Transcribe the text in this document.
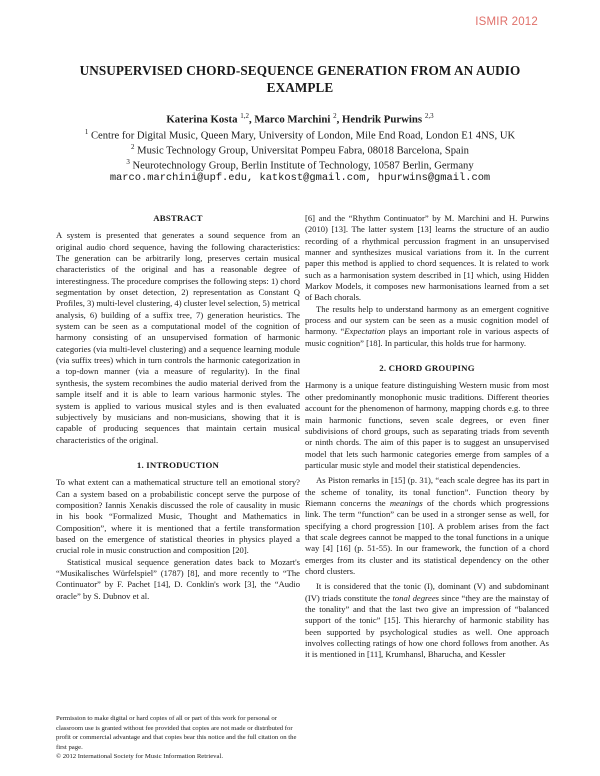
ISMIR 2012
UNSUPERVISED CHORD-SEQUENCE GENERATION FROM AN AUDIO
EXAMPLE
Katerina Kosta $^{1,2}$, Marco Marchini $^2$, Hendrik Purwins $^{2,3}$
$^1$ Centre for Digital Music, Queen Mary, University of London, Mile End Road, London E1 4NS, UK
$^2$ Music Technology Group, Universitat Pompeu Fabra, 08018 Barcelona, Spain
$^3$ Neurotechnology Group, Berlin Institute of Technology, 10587 Berlin, Germany
marco.marchini@upf.edu, katkost@gmail.com, hpurwins@gmail.com
ABSTRACT

A system is presented that generates a sound sequence from an original audio chord sequence, having the following characteristics: The generation can be arbitrarily long, preserves certain musical characteristics of the original and has a reasonable degree of interestingness. The procedure comprises the following steps: 1) chord segmentation by onset detection, 2) representation as Constant Q Profiles, 3) multi-level clustering, 4) cluster level selection, 5) metrical analysis, 6) building of a suffix tree, 7) generation heuristics. The system can be seen as a computational model of the cognition of harmony consisting of an unsupervised formation of harmonic categories (via multi-level clustering) and a sequence learning module (via suffix trees) which in turn controls the harmonic categorization in a top-down manner (via a measure of regularity). In the final synthesis, the system recombines the audio material derived from the sample itself and it is able to learn various harmonic styles. The system is applied to various musical styles and is then evaluated subjectively by musicians and non-musicians, showing that it is capable of producing sequences that maintain certain musical characteristics of the original.

1. INTRODUCTION

To what extent can a mathematical structure tell an emotional story? Can a system based on a probabilistic concept serve the purpose of composition? Iannis Xenakis discussed the role of causality in music in his book “Formalized Music, Thought and Mathematics in Composition”, where it is mentioned that a fertile transformation based on the emergence of statistical theories in physics played a crucial role in music construction and composition [20].

Statistical musical sequence generation dates back to Mozart's “Musikalisches Würfelspiel” (1787) [8], and more recently to “The Continuator” by F. Pachet [14], D. Conklin's work [3], the “Audio oracle” by S. Dubnov et al.

[6] and the “Rhythm Continuator” by M. Marchini and H. Purwins (2010) [13]. The latter system [13] learns the structure of an audio recording of a rhythmical percussion fragment in an unsupervised manner and synthesizes musical variations from it. In the current paper this method is applied to chord sequences. It is related to work such as a harmonisation system described in [1] which, using Hidden Markov Models, it composes new harmonisations learned from a set of Bach chorals.

The results help to understand harmony as an emergent cognitive process and our system can be seen as a music cognition model of harmony. “Expectation plays an important role in various aspects of music cognition” [18]. In particular, this holds true for harmony.

2. CHORD GROUPING

Harmony is a unique feature distinguishing Western music from most other predominantly monophonic music traditions. Different theories account for the phenomenon of harmony, mapping chords e.g. to three main harmonic functions, seven scale degrees, or even finer subdivisions of chord groups, such as separating triads from seventh or ninth chords. The aim of this paper is to suggest an unsupervised model that lets such harmonic categories emerge from samples of a particular music style and model their statistical dependencies.

As Piston remarks in [15] (p. 31), “each scale degree has its part in the scheme of tonality, its tonal function”. Function theory by Riemann concerns the meanings of the chords which progressions link. The term “function” can be used in a stronger sense as well, for specifying a chord progression [10]. A problem arises from the fact that scale degrees cannot be mapped to the tonal functions in a unique way [4] [16] (p. 51-55). In our framework, the function of a chord emerges from its cluster and its statistical dependency on the other chord clusters.

It is considered that the tonic (I), dominant (V) and subdominant (IV) triads constitute the tonal degrees since “they are the mainstay of the tonality” and that the last two give an impression of “balanced support of the tonic” [15]. This hierarchy of harmonic stability has been supported by psychological studies as well. One approach involves collecting ratings of how one chord follows from another. As it is mentioned in [11], Krumhansl, Bharucha, and Kessler

Permission to make digital or hard copies of all or part of this work for personal or classroom use is granted without fee provided that copies are not made or distributed for profit or commercial advantage and that copies bear this notice and the full citation on the first page.

© 2012 International Society for Music Information Retrieval.
